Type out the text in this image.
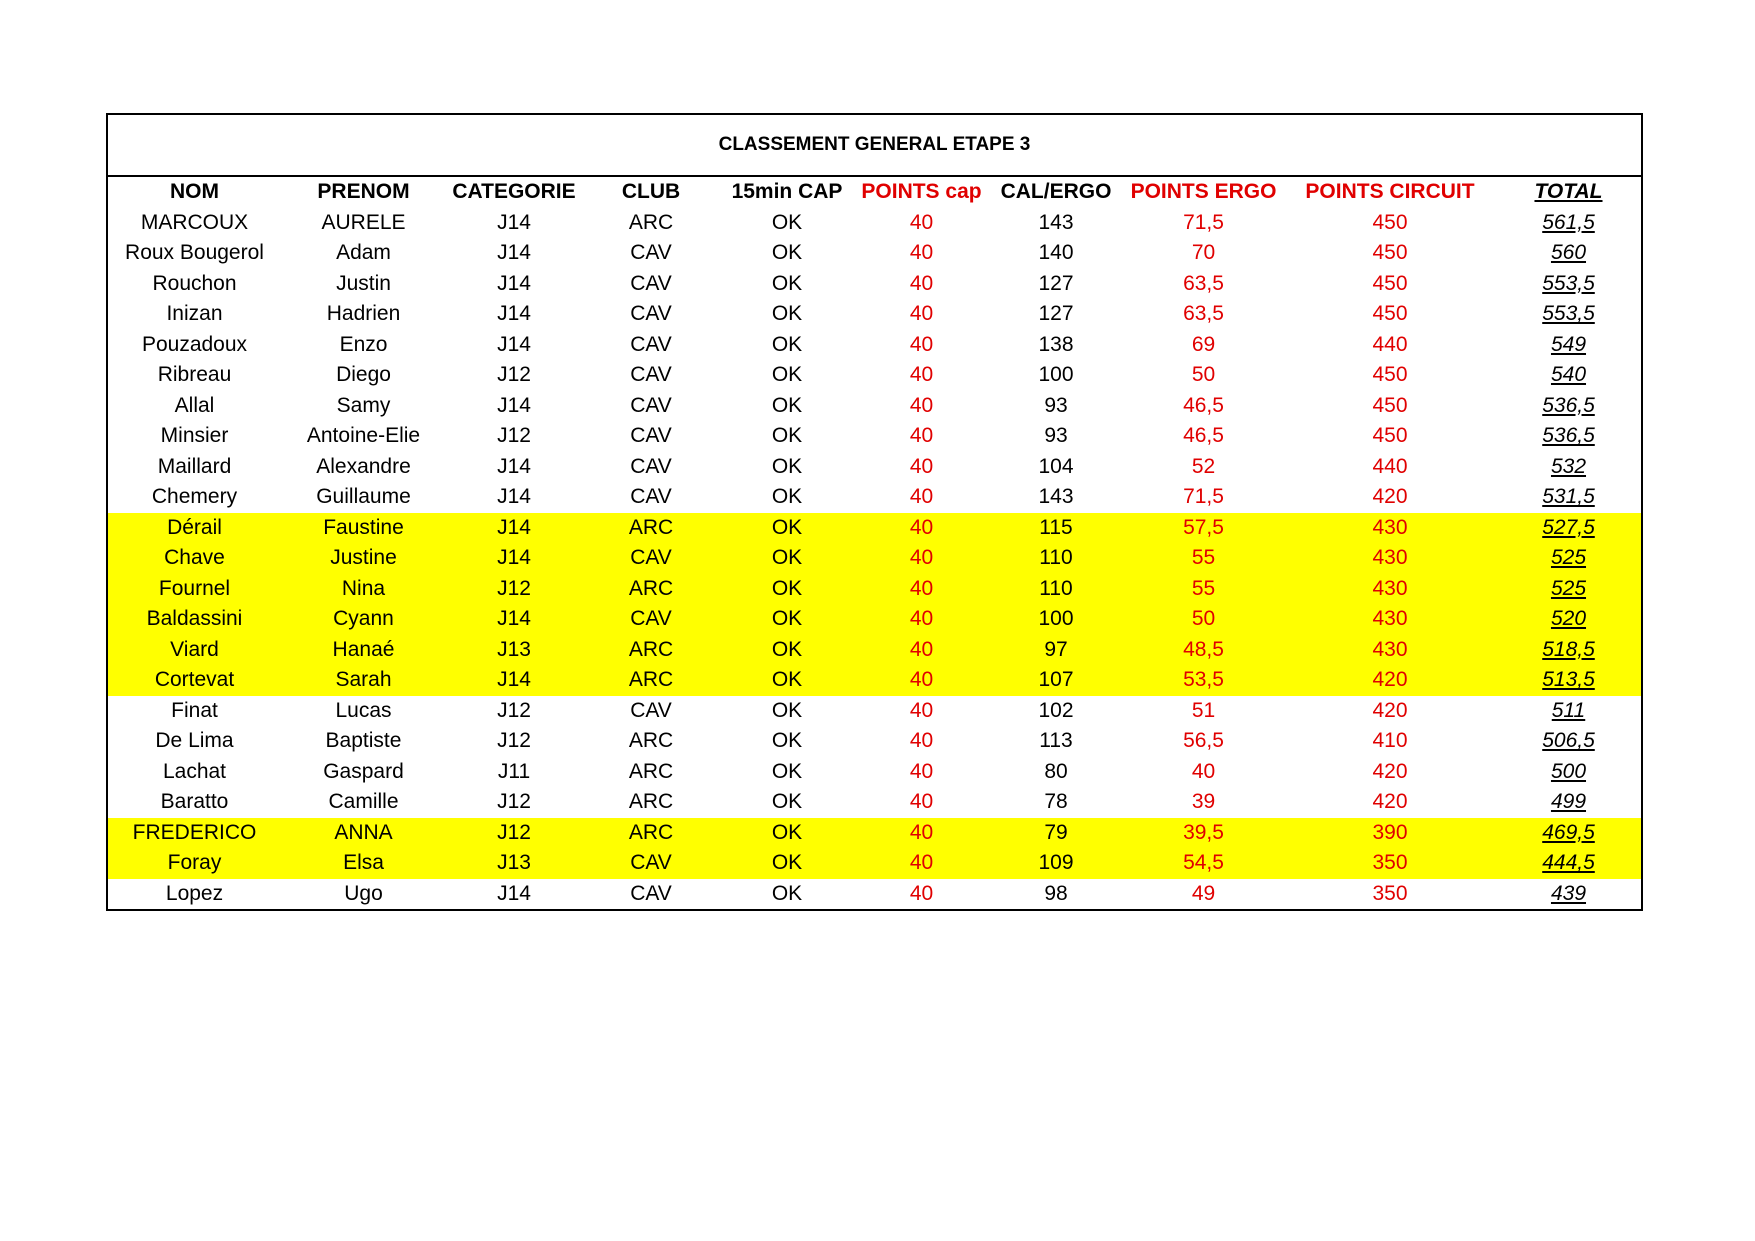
CLASSEMENT GENERAL ETAPE 3
NOM	PRENOM	CATEGORIE	CLUB	15min CAP	POINTS cap	CAL/ERGO	POINTS ERGO	POINTS CIRCUIT	TOTAL
MARCOUX	AURELE	J14	ARC	OK	40	143	71,5	450	561,5
Roux Bougerol	Adam	J14	CAV	OK	40	140	70	450	560
Rouchon	Justin	J14	CAV	OK	40	127	63,5	450	553,5
Inizan	Hadrien	J14	CAV	OK	40	127	63,5	450	553,5
Pouzadoux	Enzo	J14	CAV	OK	40	138	69	440	549
Ribreau	Diego	J12	CAV	OK	40	100	50	450	540
Allal	Samy	J14	CAV	OK	40	93	46,5	450	536,5
Minsier	Antoine-Elie	J12	CAV	OK	40	93	46,5	450	536,5
Maillard	Alexandre	J14	CAV	OK	40	104	52	440	532
Chemery	Guillaume	J14	CAV	OK	40	143	71,5	420	531,5
Dérail	Faustine	J14	ARC	OK	40	115	57,5	430	527,5
Chave	Justine	J14	CAV	OK	40	110	55	430	525
Fournel	Nina	J12	ARC	OK	40	110	55	430	525
Baldassini	Cyann	J14	CAV	OK	40	100	50	430	520
Viard	Hanaé	J13	ARC	OK	40	97	48,5	430	518,5
Cortevat	Sarah	J14	ARC	OK	40	107	53,5	420	513,5
Finat	Lucas	J12	CAV	OK	40	102	51	420	511
De Lima	Baptiste	J12	ARC	OK	40	113	56,5	410	506,5
Lachat	Gaspard	J11	ARC	OK	40	80	40	420	500
Baratto	Camille	J12	ARC	OK	40	78	39	420	499
FREDERICO	ANNA	J12	ARC	OK	40	79	39,5	390	469,5
Foray	Elsa	J13	CAV	OK	40	109	54,5	350	444,5
Lopez	Ugo	J14	CAV	OK	40	98	49	350	439
